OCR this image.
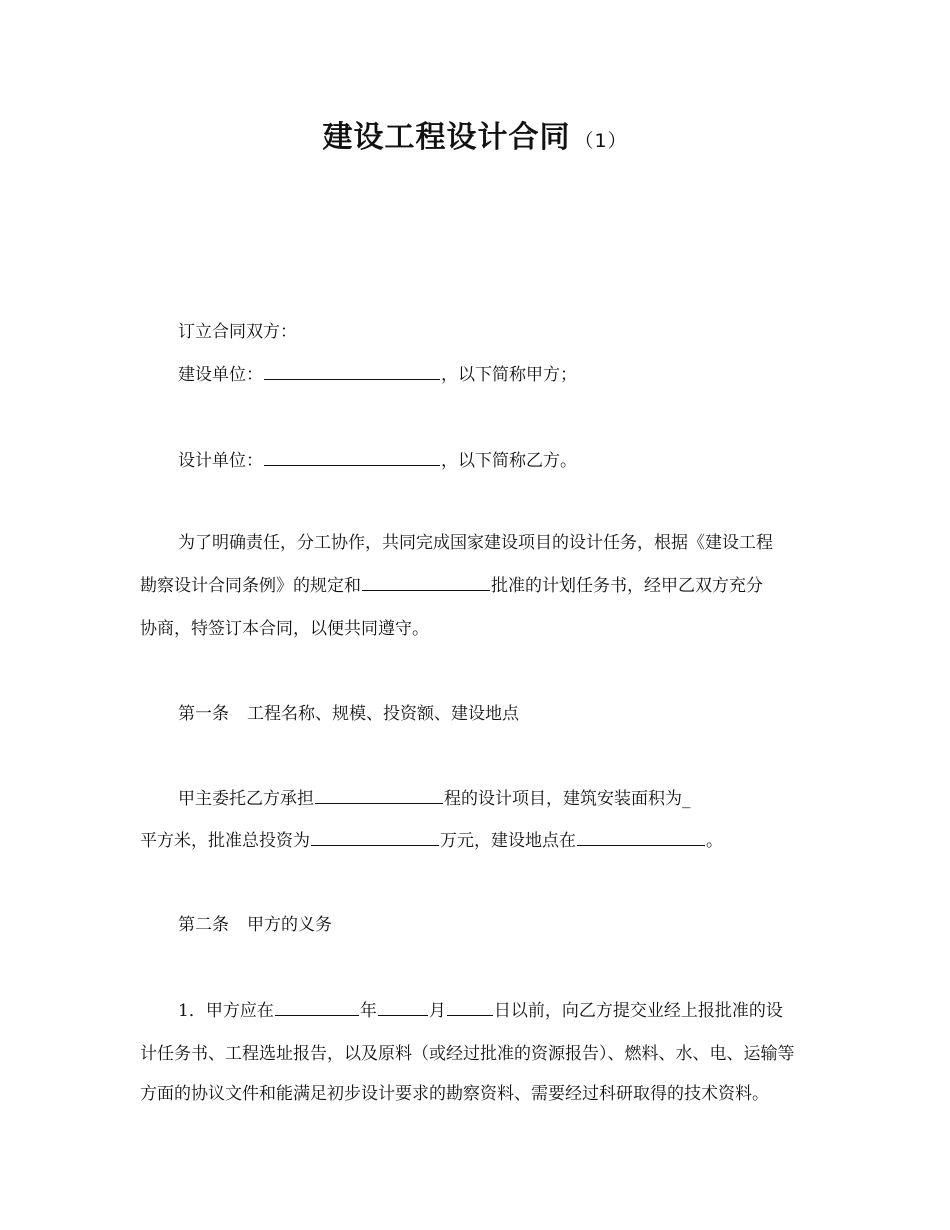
建设工程设计合同 （1）
订立合同双方：
建设单位：	，以下简称甲方；
设计单位：	，以下简称乙方。
为了明确责任，分工协作，共同完成国家建设项目的设计任务，根据《建设工程
勘察设计合同条例》的规定和	批准的计划任务书，经甲乙双方充分
协商，特签订本合同，以便共同遵守。
第一条 工程名称、规模、投资额、建设地点
甲主委托乙方承担	程的设计项目，建筑安装面积为_
平方米，批准总投资为	万元，建设地点在	。
第二条 甲方的义务
1．甲方应在	年	月	日以前，向乙方提交业经上报批准的设
计任务书、工程选址报告，以及原料（或经过批准的资源报告）、燃料、水、电、运输等
方面的协议文件和能满足初步设计要求的勘察资料、需要经过科研取得的技术资料。
